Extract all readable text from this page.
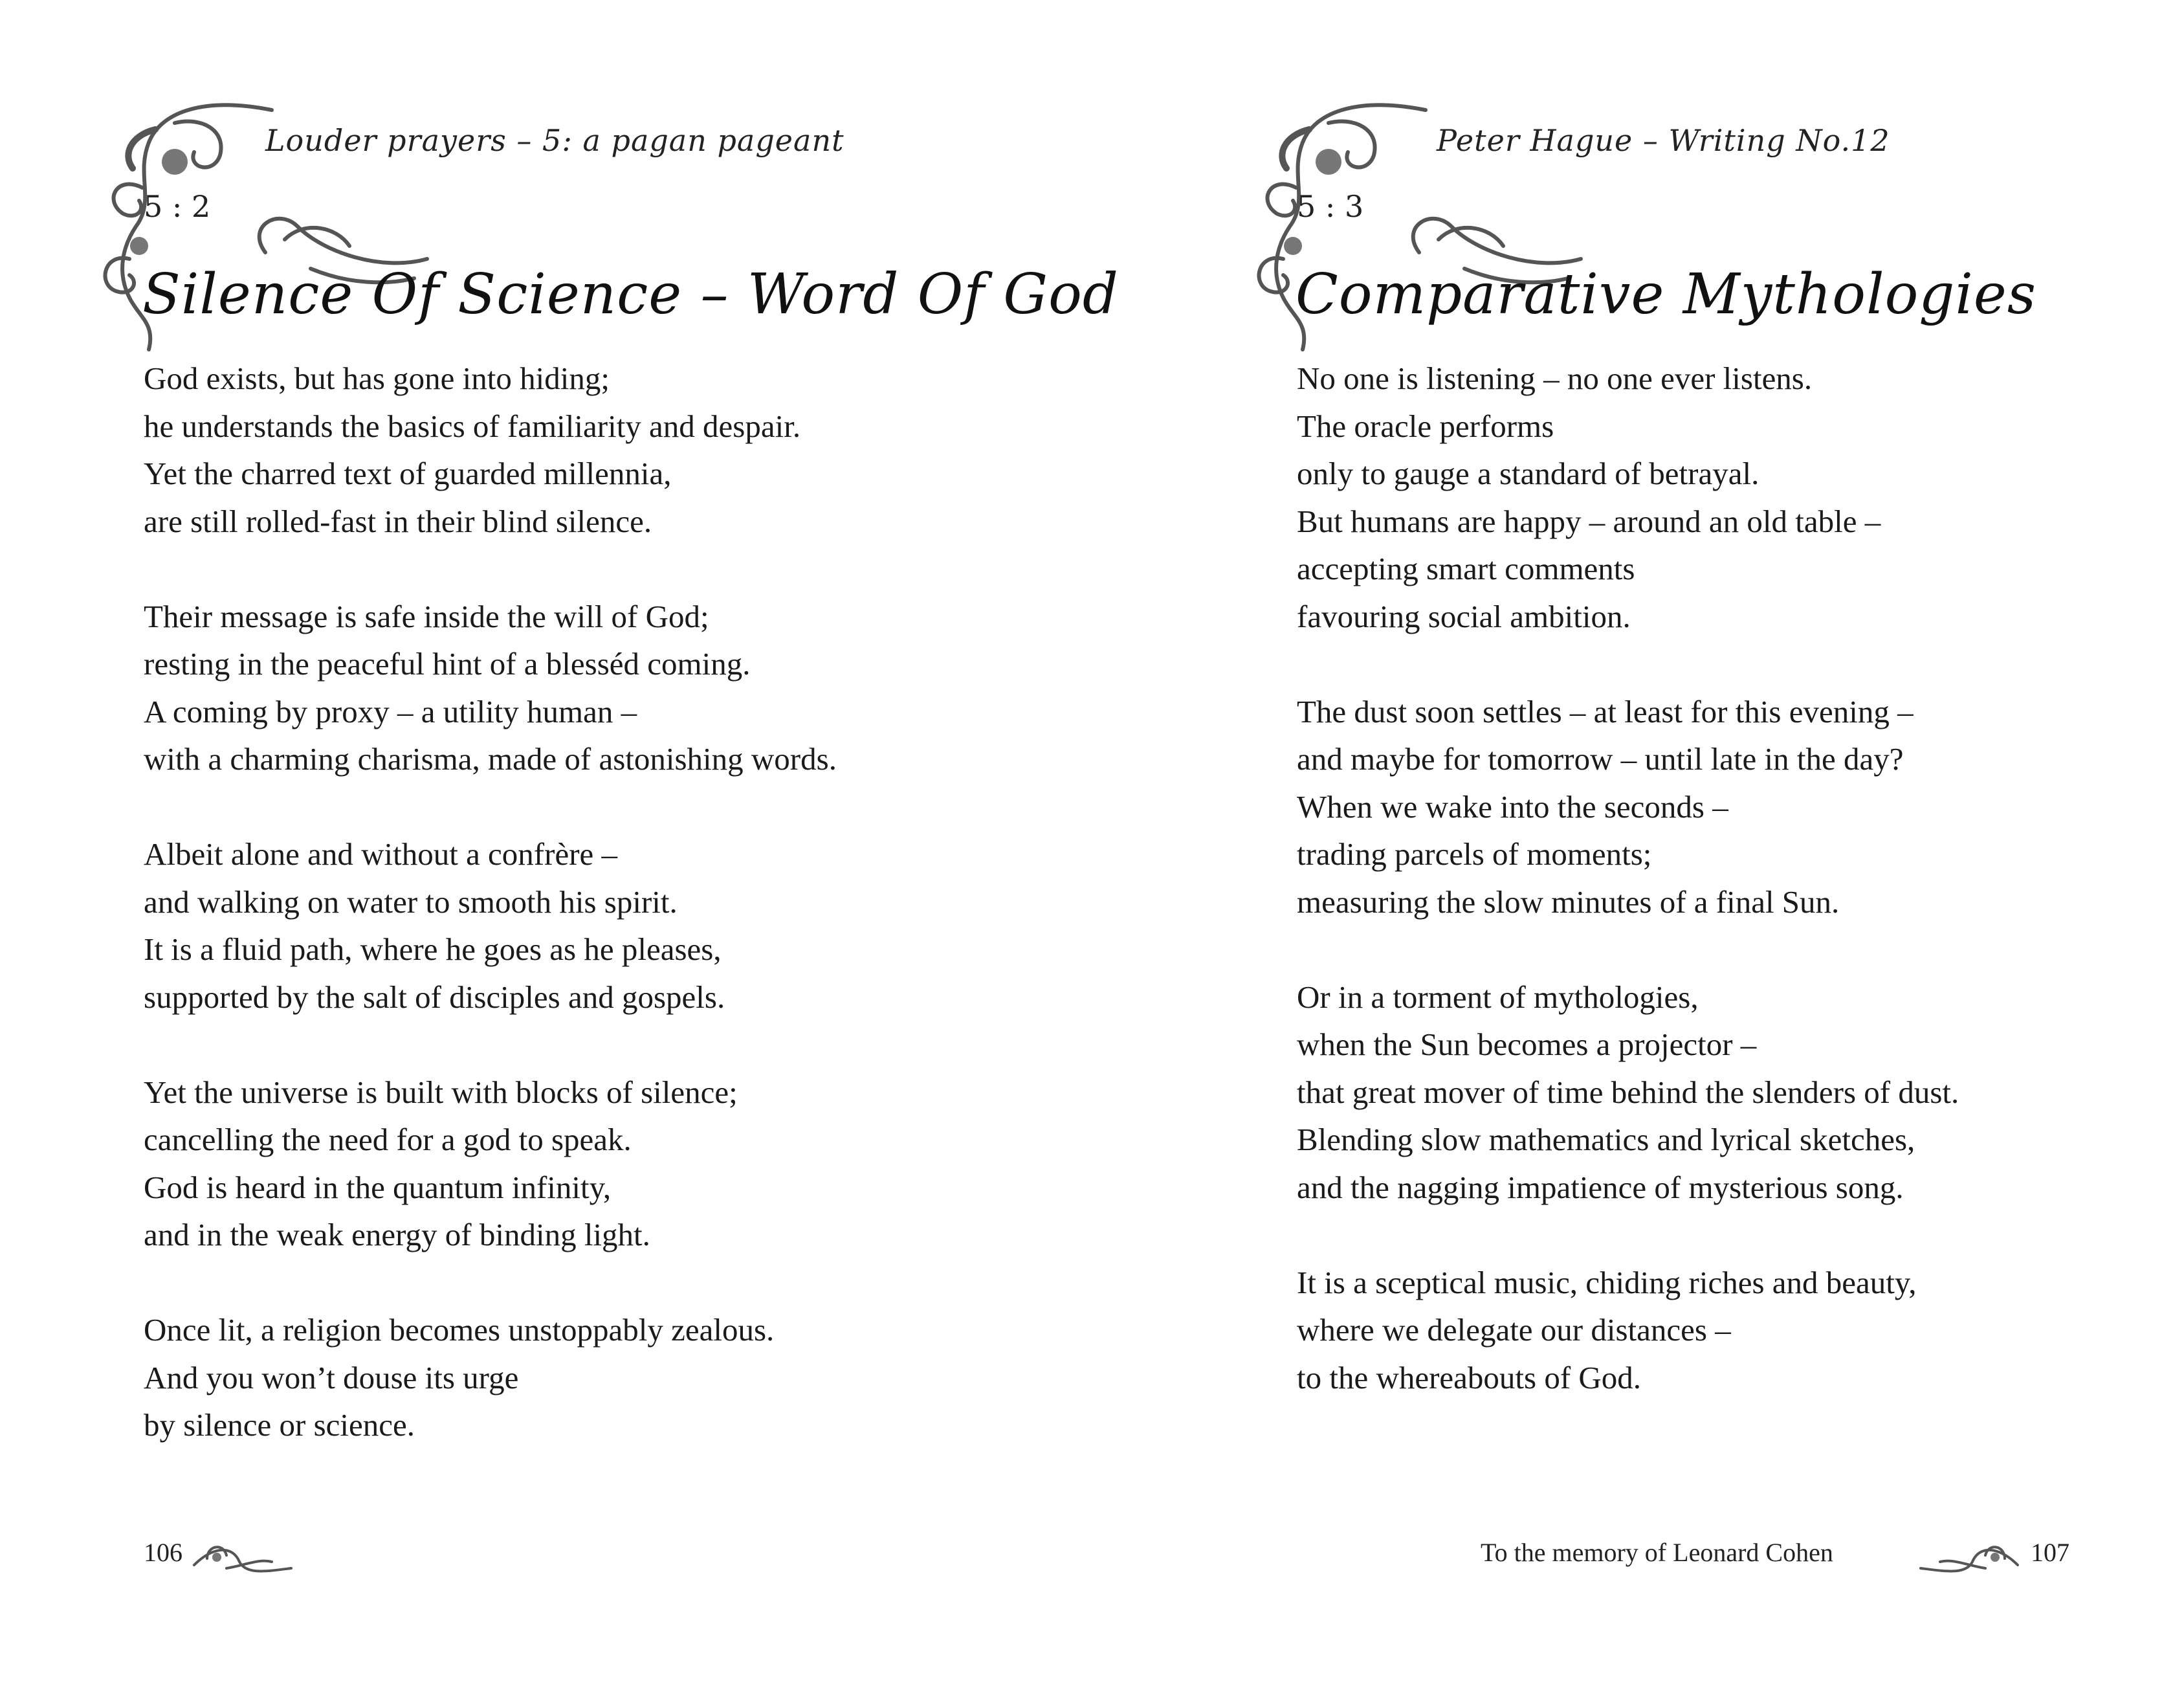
Louder prayers – 5: a pagan pageant
5 : 2
Silence Of Science – Word Of God
God exists, but has gone into hiding;
he understands the basics of familiarity and despair.
Yet the charred text of guarded millennia,
are still rolled-fast in their blind silence.
Their message is safe inside the will of God;
resting in the peaceful hint of a blesséd coming.
A coming by proxy – a utility human –
with a charming charisma, made of astonishing words.
Albeit alone and without a confrère –
and walking on water to smooth his spirit.
It is a fluid path, where he goes as he pleases,
supported by the salt of disciples and gospels.
Yet the universe is built with blocks of silence;
cancelling the need for a god to speak.
God is heard in the quantum infinity,
and in the weak energy of binding light.
Once lit, a religion becomes unstoppably zealous.
And you won’t douse its urge
by silence or science.
106
Peter Hague – Writing No.12
5 : 3
Comparative Mythologies
No one is listening – no one ever listens.
The oracle performs
only to gauge a standard of betrayal.
But humans are happy – around an old table –
accepting smart comments
favouring social ambition.
The dust soon settles – at least for this evening –
and maybe for tomorrow – until late in the day?
When we wake into the seconds –
trading parcels of moments;
measuring the slow minutes of a final Sun.
Or in a torment of mythologies,
when the Sun becomes a projector –
that great mover of time behind the slenders of dust.
Blending slow mathematics and lyrical sketches,
and the nagging impatience of mysterious song.
It is a sceptical music, chiding riches and beauty,
where we delegate our distances –
to the whereabouts of God.
To the memory of Leonard Cohen	107
